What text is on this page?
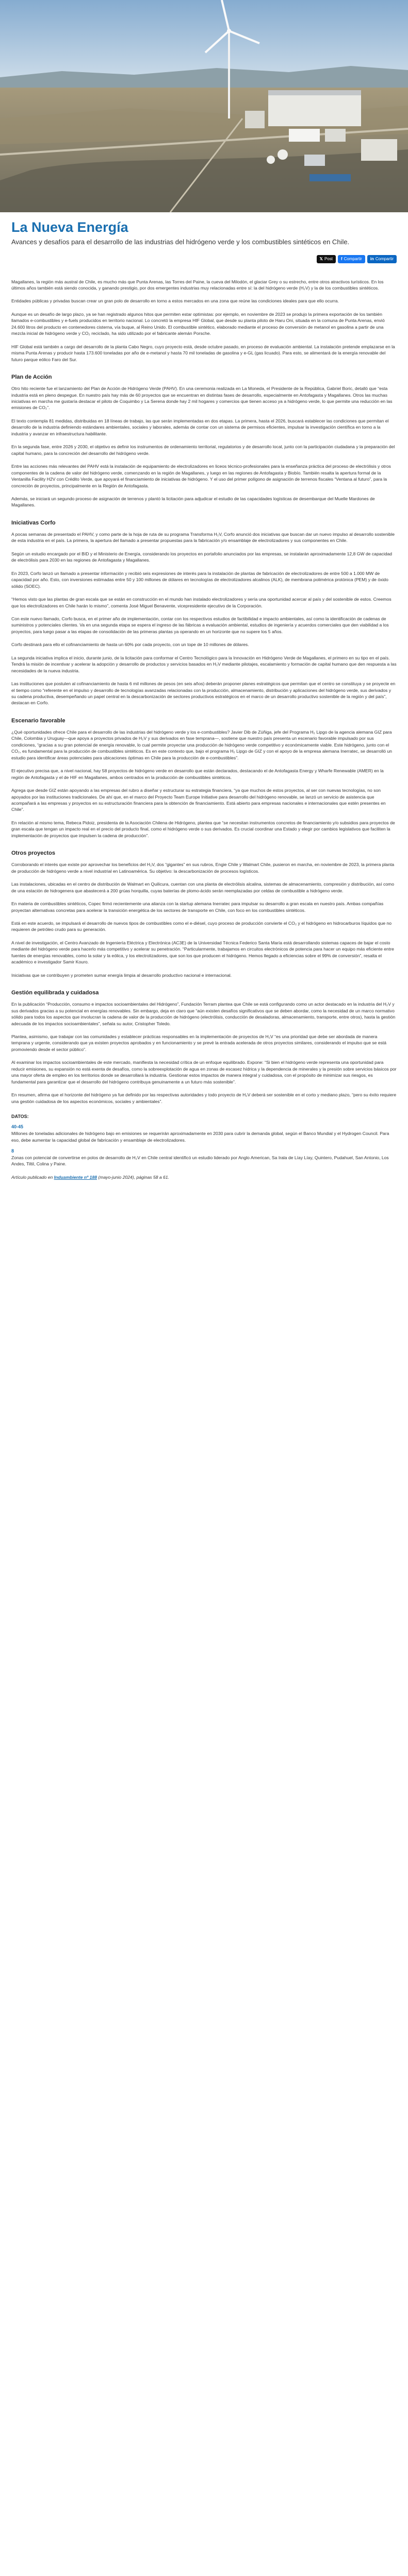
La Nueva Energía

Avances y desafíos para el desarrollo de las industrias del hidrógeno verde y los combustibles sintéticos en Chile.

𝕏 Post f Compartir in Compartir

Magallanes, la región más austral de Chile, es mucho más que Punta Arenas, las Torres del Paine, la cueva del Milodón, el glaciar Grey o su estrecho, entre otros atractivos turísticos. En los últimos años también está siendo conocida, y ganando prestigio, por dos emergentes industrias muy relacionadas entre sí: la del hidrógeno verde (H₂V) y la de los combustibles sintéticos.

Entidades públicas y privadas buscan crear un gran polo de desarrollo en torno a estos mercados en una zona que reúne las condiciones ideales para que ello ocurra.

Aunque es un desafío de largo plazo, ya se han registrado algunos hitos que permiten estar optimistas: por ejemplo, en noviembre de 2023 se produjo la primera exportación de los también llamados e-combustibles y e-fuels producidos en territorio nacional. Lo concretó la empresa HIF Global, que desde su planta piloto de Haru Oni, situada en la comuna de Punta Arenas, envió 24.600 litros del producto en contenedores cisterna, vía buque, al Reino Unido. El combustible sintético, elaborado mediante el proceso de conversión de metanol en gasolina a partir de una mezcla inicial de hidrógeno verde y CO₂ reciclado, ha sido utilizado por el fabricante alemán Porsche.

HIF Global está también a cargo del desarrollo de la planta Cabo Negro, cuyo proyecto está, desde octubre pasado, en proceso de evaluación ambiental. La instalación pretende emplazarse en la misma Punta Arenas y producir hasta 173.600 toneladas por año de e-metanol y hasta 70 mil toneladas de gasolina y e-GL (gas licuado). Para esto, se alimentará de la energía renovable del futuro parque eólico Faro del Sur.

Plan de Acción

Otro hito reciente fue el lanzamiento del Plan de Acción de Hidrógeno Verde (PAHV). En una ceremonia realizada en La Moneda, el Presidente de la República, Gabriel Boric, detalló que “esta industria está en pleno despegue. En nuestro país hay más de 60 proyectos que se encuentran en distintas fases de desarrollo, especialmente en Antofagasta y Magallanes. Otros las muchas iniciativas en marcha me gustaría destacar el piloto de Coquimbo y La Serena donde hay 2 mil hogares y comercios que tienen acceso ya a hidrógeno verde, lo que permite una reducción en las emisiones de CO₂”.

El texto contempla 81 medidas, distribuidas en 18 líneas de trabajo, las que serán implementadas en dos etapas. La primera, hasta el 2026, buscará establecer las condiciones que permitan el desarrollo de la industria definiendo estándares ambientales, sociales y laborales, además de contar con un sistema de permisos eficientes, impulsar la investigación científica en torno a la industria y avanzar en infraestructura habilitante.

En la segunda fase, entre 2026 y 2030, el objetivo es definir los instrumentos de ordenamiento territorial, regulatorios y de desarrollo local, junto con la participación ciudadana y la preparación del capital humano, para la concreción del desarrollo del hidrógeno verde.

Entre las acciones más relevantes del PAHV está la instalación de equipamiento de electrolizadores en liceos técnico-profesionales para la enseñanza práctica del proceso de electrólisis y otros componentes de la cadena de valor del hidrógeno verde, comenzando en la región de Magallanes, y luego en las regiones de Antofagasta y Biobío. También resalta la apertura formal de la Ventanilla Facility H2V con Crédito Verde, que apoyará el financiamiento de iniciativas de hidrógeno. Y el uso del primer polígono de asignación de terrenos fiscales “Ventana al futuro”, para la concreción de proyectos, principalmente en la Región de Antofagasta.

Además, se iniciará un segundo proceso de asignación de terrenos y plantó la licitación para adjudicar el estudio de las capacidades logísticas de desembarque del Muelle Mardones de Magallanes.

Iniciativas Corfo

A pocas semanas de presentado el PAHV, y como parte de la hoja de ruta de su programa Transforma H₂V, Corfo anunció dos iniciativas que buscan dar un nuevo impulso al desarrollo sostenible de esta industria en el país. La primera, la apertura del llamado a presentar propuestas para la fabricación y/o ensamblaje de electrolizadores y sus componentes en Chile.

Según un estudio encargado por el BID y el Ministerio de Energía, considerando los proyectos en portafolio anunciados por las empresas, se instalarán aproximadamente 12,8 GW de capacidad de electrólisis para 2030 en las regiones de Antofagasta y Magallanes.

En 2023, Corfo lanzó un llamado a presentar información y recibió seis expresiones de interés para la instalación de plantas de fabricación de electrolizadores de entre 500 a 1.000 MW de capacidad por año. Esto, con inversiones estimadas entre 50 y 100 millones de dólares en tecnologías de electrolizadores alcalinos (ALK), de membrana polimérica protónica (PEM) y de óxido sólido (SOEC).

“Hemos visto que las plantas de gran escala que se están en construcción en el mundo han instalado electrolizadores y sería una oportunidad acercar al país y del sostenible de estos. Creemos que los electrolizadores en Chile harán lo mismo”, comenta José Miguel Benavente, vicepresidente ejecutivo de la Corporación.

Con este nuevo llamado, Corfo busca, en el primer año de implementación, contar con los respectivos estudios de factibilidad e impacto ambientales, así como la identificación de cadenas de suministros y potenciales clientes. Va en una segunda etapa se espera el ingreso de las fábricas a evaluación ambiental, estudios de ingeniería y acuerdos comerciales que den viabilidad a los proyectos, para luego pasar a las etapas de consolidación de las primeras plantas ya operando en un horizonte que no supere los 5 años.

Corfo destinará para ello el cofinanciamiento de hasta un 60% por cada proyecto, con un tope de 10 millones de dólares.

La segunda iniciativa implica el inicio, durante junio, de la licitación para conformar el Centro Tecnológico para la Innovación en Hidrógeno Verde de Magallanes, el primero en su tipo en el país. Tendrá la misión de incentivar y acelerar la adopción y desarrollo de productos y servicios basados en H₂V mediante pilotajes, escalamiento y formación de capital humano que den respuesta a las necesidades de la nueva industria.

Las instituciones que postulen al cofinanciamiento de hasta 6 mil millones de pesos (en seis años) deberán proponer planes estratégicos que permitan que el centro se constituya y se proyecte en el tiempo como “referente en el impulso y desarrollo de tecnologías avanzadas relacionadas con la producción, almacenamiento, distribución y aplicaciones del hidrógeno verde, sus derivados y su cadena productiva, desempeñando un papel central en la descarbonización de sectores productivos estratégicos en el marco de un desarrollo productivo sostenible de la región y del país”, destacan en Corfo.

Escenario favorable

¿Qué oportunidades ofrece Chile para el desarrollo de las industrias del hidrógeno verde y los e-combustibles? Javier Dib de Zúñiga, jefe del Programa H₂ Lipgo de la agencia alemana GIZ para Chile, Colombia y Uruguay—que apoya a proyectos privados de H₂V y sus derivados en fase temprana—, sostiene que nuestro país presenta un escenario favorable impulsado por sus condiciones, “gracias a su gran potencial de energía renovable, lo cual permite proyectar una producción de hidrógeno verde competitivo y económicamente viable. Este hidrógeno, junto con el CO₂, es fundamental para la producción de combustibles sintéticos. Es en este contexto que, bajo el programa H₂ Lipgo de GIZ y con el apoyo de la empresa alemana Inerratec, se desarrolló un estudio para identificar áreas potenciales para ubicaciones óptimas en Chile para la producción de e-combustibles”.

El ejecutivo precisa que, a nivel nacional, hay 58 proyectos de hidrógeno verde en desarrollo que están declarados, destacando el de Antofagasta Energy y Wharfe Renewable (AMER) en la región de Antofagasta y el de HIF en Magallanes, ambos centrados en la producción de combustibles sintéticos.

Agrega que desde GIZ están apoyando a las empresas del rubro a diseñar y estructurar su estrategia financiera, “ya que muchos de estos proyectos, al ser con nuevas tecnologías, no son apoyados por las instituciones tradicionales. De ahí que, en el marco del Proyecto Team Europe Initiative para desarrollo del hidrógeno renovable, se lanzó un servicio de asistencia que acompañará a las empresas y proyectos en su estructuración financiera para la obtención de financiamiento. Está abierto para empresas nacionales e internacionales que estén presentes en Chile”.

En relación al mismo tema, Rebeca Pidoiz, presidenta de la Asociación Chilena de Hidrógeno, plantea que “se necesitan instrumentos concretos de financiamiento y/o subsidios para proyectos de gran escala que tengan un impacto real en el precio del producto final, como el hidrógeno verde o sus derivados. Es crucial coordinar una Estado y elegir por cambios legislativos que faciliten la implementación de proyectos que impulsen la cadena de producción”.

Otros proyectos

Corroborando el interés que existe por aprovechar los beneficios del H₂V, dos “gigantes” en sus rubros, Engie Chile y Walmart Chile, pusieron en marcha, en noviembre de 2023, la primera planta de producción de hidrógeno verde a nivel industrial en Latinoamérica. Su objetivo: la descarbonización de procesos logísticos.

Las instalaciones, ubicadas en el centro de distribución de Walmart en Quilicura, cuentan con una planta de electrólisis alcalina, sistemas de almacenamiento, compresión y distribución, así como de una estación de hidrogenera que abastecerá a 200 grúas horquilla, cuyas baterías de plomo-ácido serán reemplazadas por celdas de combustible a hidrógeno verde.

En materia de combustibles sintéticos, Copec firmó recientemente una alianza con la startup alemana Inerratec para impulsar su desarrollo a gran escala en nuestro país. Ambas compañías proyectan alternativas concretas para acelerar la transición energética de los sectores de transporte en Chile, con foco en los combustibles sintéticos.

Está en este acuerdo, se impulsará el desarrollo de nuevos tipos de combustibles como el e-diésel, cuyo proceso de producción convierte el CO₂ y el hidrógeno en hidrocarburos líquidos que no requieren de petróleo crudo para su generación.

A nivel de investigación, el Centro Avanzado de Ingeniería Eléctrica y Electrónica (AC3E) de la Universidad Técnica Federico Santa María está desarrollando sistemas capaces de bajar el costo mediante del hidrógeno verde para hacerlo más competitivo y acelerar su penetración. “Particularmente, trabajamos en circuitos electrónicos de potencia para hacer un equipo más eficiente entre fuentes de energías renovables, como la solar y la eólica, y los electrolizadores, que son los que producen el hidrógeno. Hemos llegado a eficiencias sobre el 99% de conversión”, resalta el académico e investigador Samir Kouro.

Iniciativas que se contribuyen y prometen sumar energía limpia al desarrollo productivo nacional e internacional.

Gestión equilibrada y cuidadosa

En la publicación “Producción, consumo e impactos socioambientales del Hidrógeno”, Fundación Terram plantea que Chile se está configurando como un actor destacado en la industria del H₂V y sus derivados gracias a su potencial en energías renovables. Sin embargo, deja en claro que “aún existen desafíos significativos que se deben abordar, como la necesidad de un marco normativo sólido para todos los aspectos que involucran la cadena de valor de la producción de hidrógeno (electrólisis, conducción de desaladoras, almacenamiento, transporte, entre otros), hasta la gestión adecuada de los impactos socioambientales”, señala su autor, Cristopher Toledo.

Plantea, asimismo, que trabajar con las comunidades y establecer prácticas responsables en la implementación de proyectos de H₂V “es una prioridad que debe ser abordada de manera temprana y urgente, considerando que ya existen proyectos aprobados y en funcionamiento y se prevé la entrada acelerada de otros proyectos similares, considerando el impulso que se está promoviendo desde el sector público”.

Al examinar los impactos socioambientales de este mercado, manifiesta la necesidad crítica de un enfoque equilibrado. Expone: “Si bien el hidrógeno verde representa una oportunidad para reducir emisiones, su expansión no está exenta de desafíos, como la sobreexplotación de agua en zonas de escasez hídrica y la dependencia de minerales y la presión sobre servicios básicos por una mayor oferta de empleo en los territorios donde se desarrollará la industria. Gestionar estos impactos de manera integral y cuidadosa, con el propósito de minimizar sus riesgos, es fundamental para garantizar que el desarrollo del hidrógeno contribuya genuinamente a un futuro más sostenible”.

En resumen, afirma que el horizonte del hidrógeno ya fue definido por las respectivas autoridades y todo proyecto de H₂V deberá ser sostenible en el corto y mediano plazo, “pero su éxito requiere una gestión cuidadosa de los aspectos económicos, sociales y ambientales”.

DATOS:
40-45

Millones de toneladas adicionales de hidrógeno bajo en emisiones se requerirán aproximadamente en 2030 para cubrir la demanda global, según el Banco Mundial y el Hydrogen Council. Para eso, debe aumentar la capacidad global de fabricación y ensamblaje de electrolizadores.

8

Zonas con potencial de convertirse en polos de desarrollo de H₂V en Chile central identificó un estudio liderado por Anglo American, Sa Irala de Líay Líay, Quintero, Pudahuel, San Antonio, Los Andes, Tiltil, Colina y Paine.

Artículo publicado en Induambiente nº 188 (mayo-junio 2024), páginas 58 a 61.
